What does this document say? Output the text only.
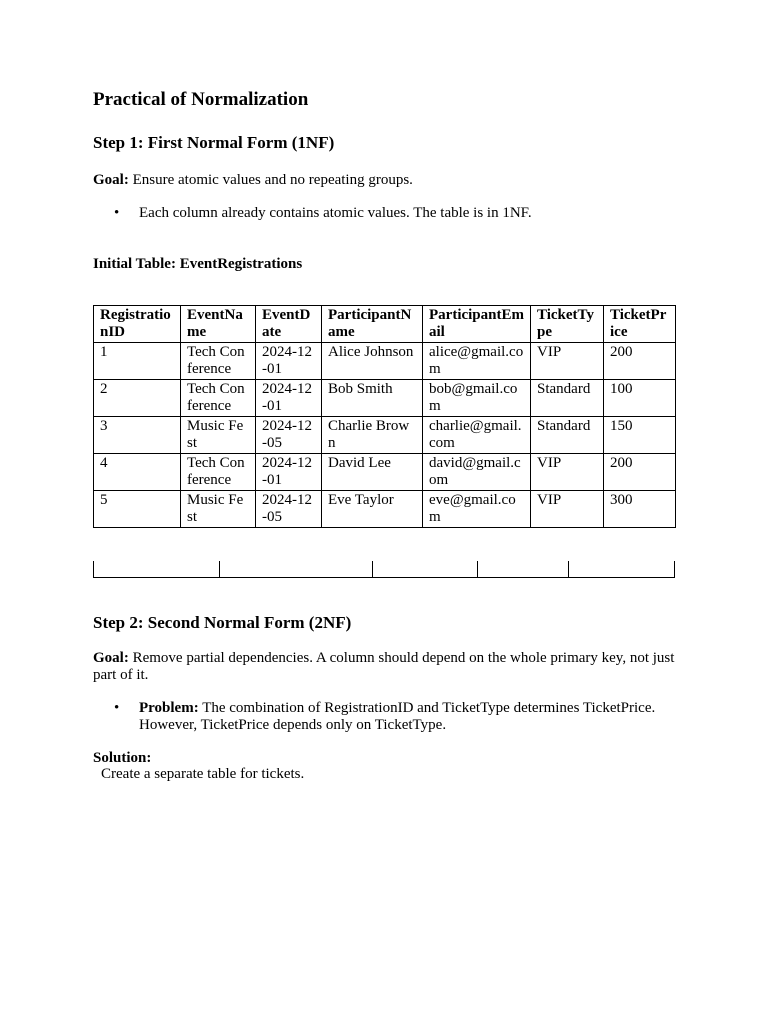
Practical of Normalization
Step 1: First Normal Form (1NF)

Goal: Ensure atomic values and no repeating groups.

• Each column already contains atomic values. The table is in 1NF.

Initial Table: EventRegistrations

RegistrationID	EventName	EventDate	ParticipantName	ParticipantEmail	TicketType	TicketPrice
1	Tech Conference	2024-12-01	Alice Johnson	alice@gmail.com	VIP	200
2	Tech Conference	2024-12-01	Bob Smith	bob@gmail.com	Standard	100
3	Music Fest	2024-12-05	Charlie Brown	charlie@gmail.com	Standard	150
4	Tech Conference	2024-12-01	David Lee	david@gmail.com	VIP	200
5	Music Fest	2024-12-05	Eve Taylor	eve@gmail.com	VIP	300
Step 2: Second Normal Form (2NF)

Goal: Remove partial dependencies. A column should depend on the whole primary key, not just part of it.

• Problem: The combination of RegistrationID and TicketType determines TicketPrice. However, TicketPrice depends only on TicketType.

Solution:

Create a separate table for tickets.
